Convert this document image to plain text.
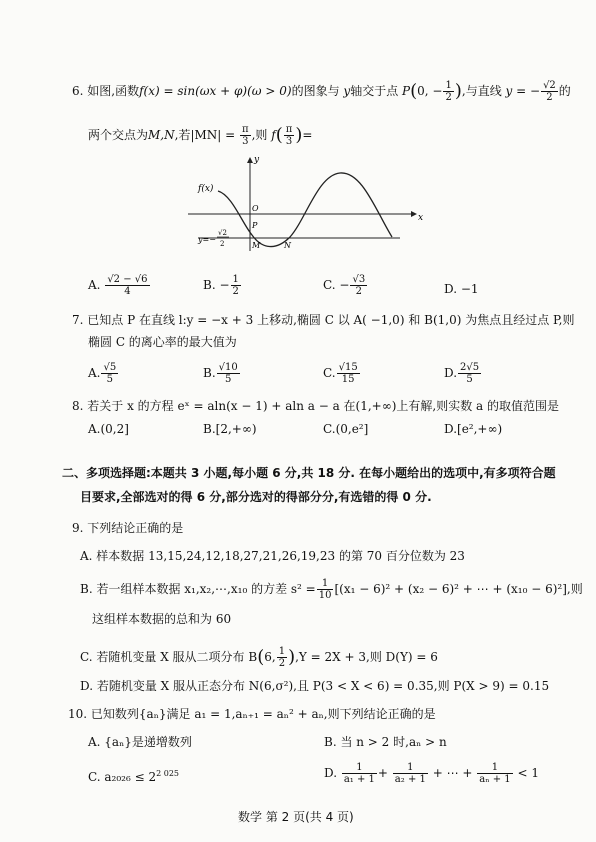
6. 如图,函数f(x) = sin(ωx + φ)(ω > 0)的图象与 y轴交于点 P(0, − $\frac{1}{2}$ ),与直线 y = − $\frac{√2}{2}$ 的
两个交点为M,N,若$|MN| = \frac{\pi}{3}$ ,则 $f( \frac{\pi}{3}$ )=
y
x
f(x)
O
P
M	N
y=−
√2
2
A. $\frac{√2 - √6}{4}$	B. − $\frac{1}{2}$	C. − $\frac{√3}{2}$	D. −1
7. 已知点 P 在直线 l:y = −x + 3 上移动,椭圆 C 以 A( −1,0) 和 B(1,0) 为焦点且经过点 P,则
椭圆 C 的离心率的最大值为
A. $\frac{√5}{5}$	B. $\frac{√10}{5}$	C. $\frac{√15}{15}$	D. $\frac{2√5}{5}$
8. 若关于 x 的方程 eˣ = aln(x − 1) + aln a − a 在(1,+∞)上有解,则实数 a 的取值范围是
A.(0,2]	B.[2,+∞)	C.(0,e²]	D.[e²,+∞)
二、多项选择题:本题共 3 小题,每小题 6 分,共 18 分. 在每小题给出的选项中,有多项符合题
目要求,全部选对的得 6 分,部分选对的得部分分,有选错的得 0 分.
9. 下列结论正确的是
A. 样本数据 13,15,24,12,18,27,21,26,19,23 的第 70 百分位数为 23
B. 若一组样本数据 x₁,x₂,⋯,x₁₀ 的方差 $s^2 = \frac{1}{10} [(x_1 - 6)^2 + (x_2 - 6)^2$ + ⋯ + (x₁₀ − 6)²],则
这组样本数据的总和为 60
C. 若随机变量 X 服从二项分布 B(6, $\frac{1}{2} ),Y = 2X + 3$,则 D(Y) = 6
D. 若随机变量 X 服从正态分布 N(6,σ²),且 P(3 < X < 6) = 0.35,则 P(X > 9) = 0.15
10. 已知数列{aₙ}满足 a₁ = 1,aₙ₊₁ = aₙ² + aₙ,则下列结论正确的是
A. {aₙ}是递增数列	B. 当 n > 2 时,aₙ > n
C. $a_{2026} \le 2^{2 025}$	D. $\frac{1}{\text{a₁ + 1}} + \frac{1}{\text{a₂ + 1}}$ + ⋯ + $\frac{1}{\text{aₙ + 1}} < 1$
数学 第 2 页(共 4 页)
